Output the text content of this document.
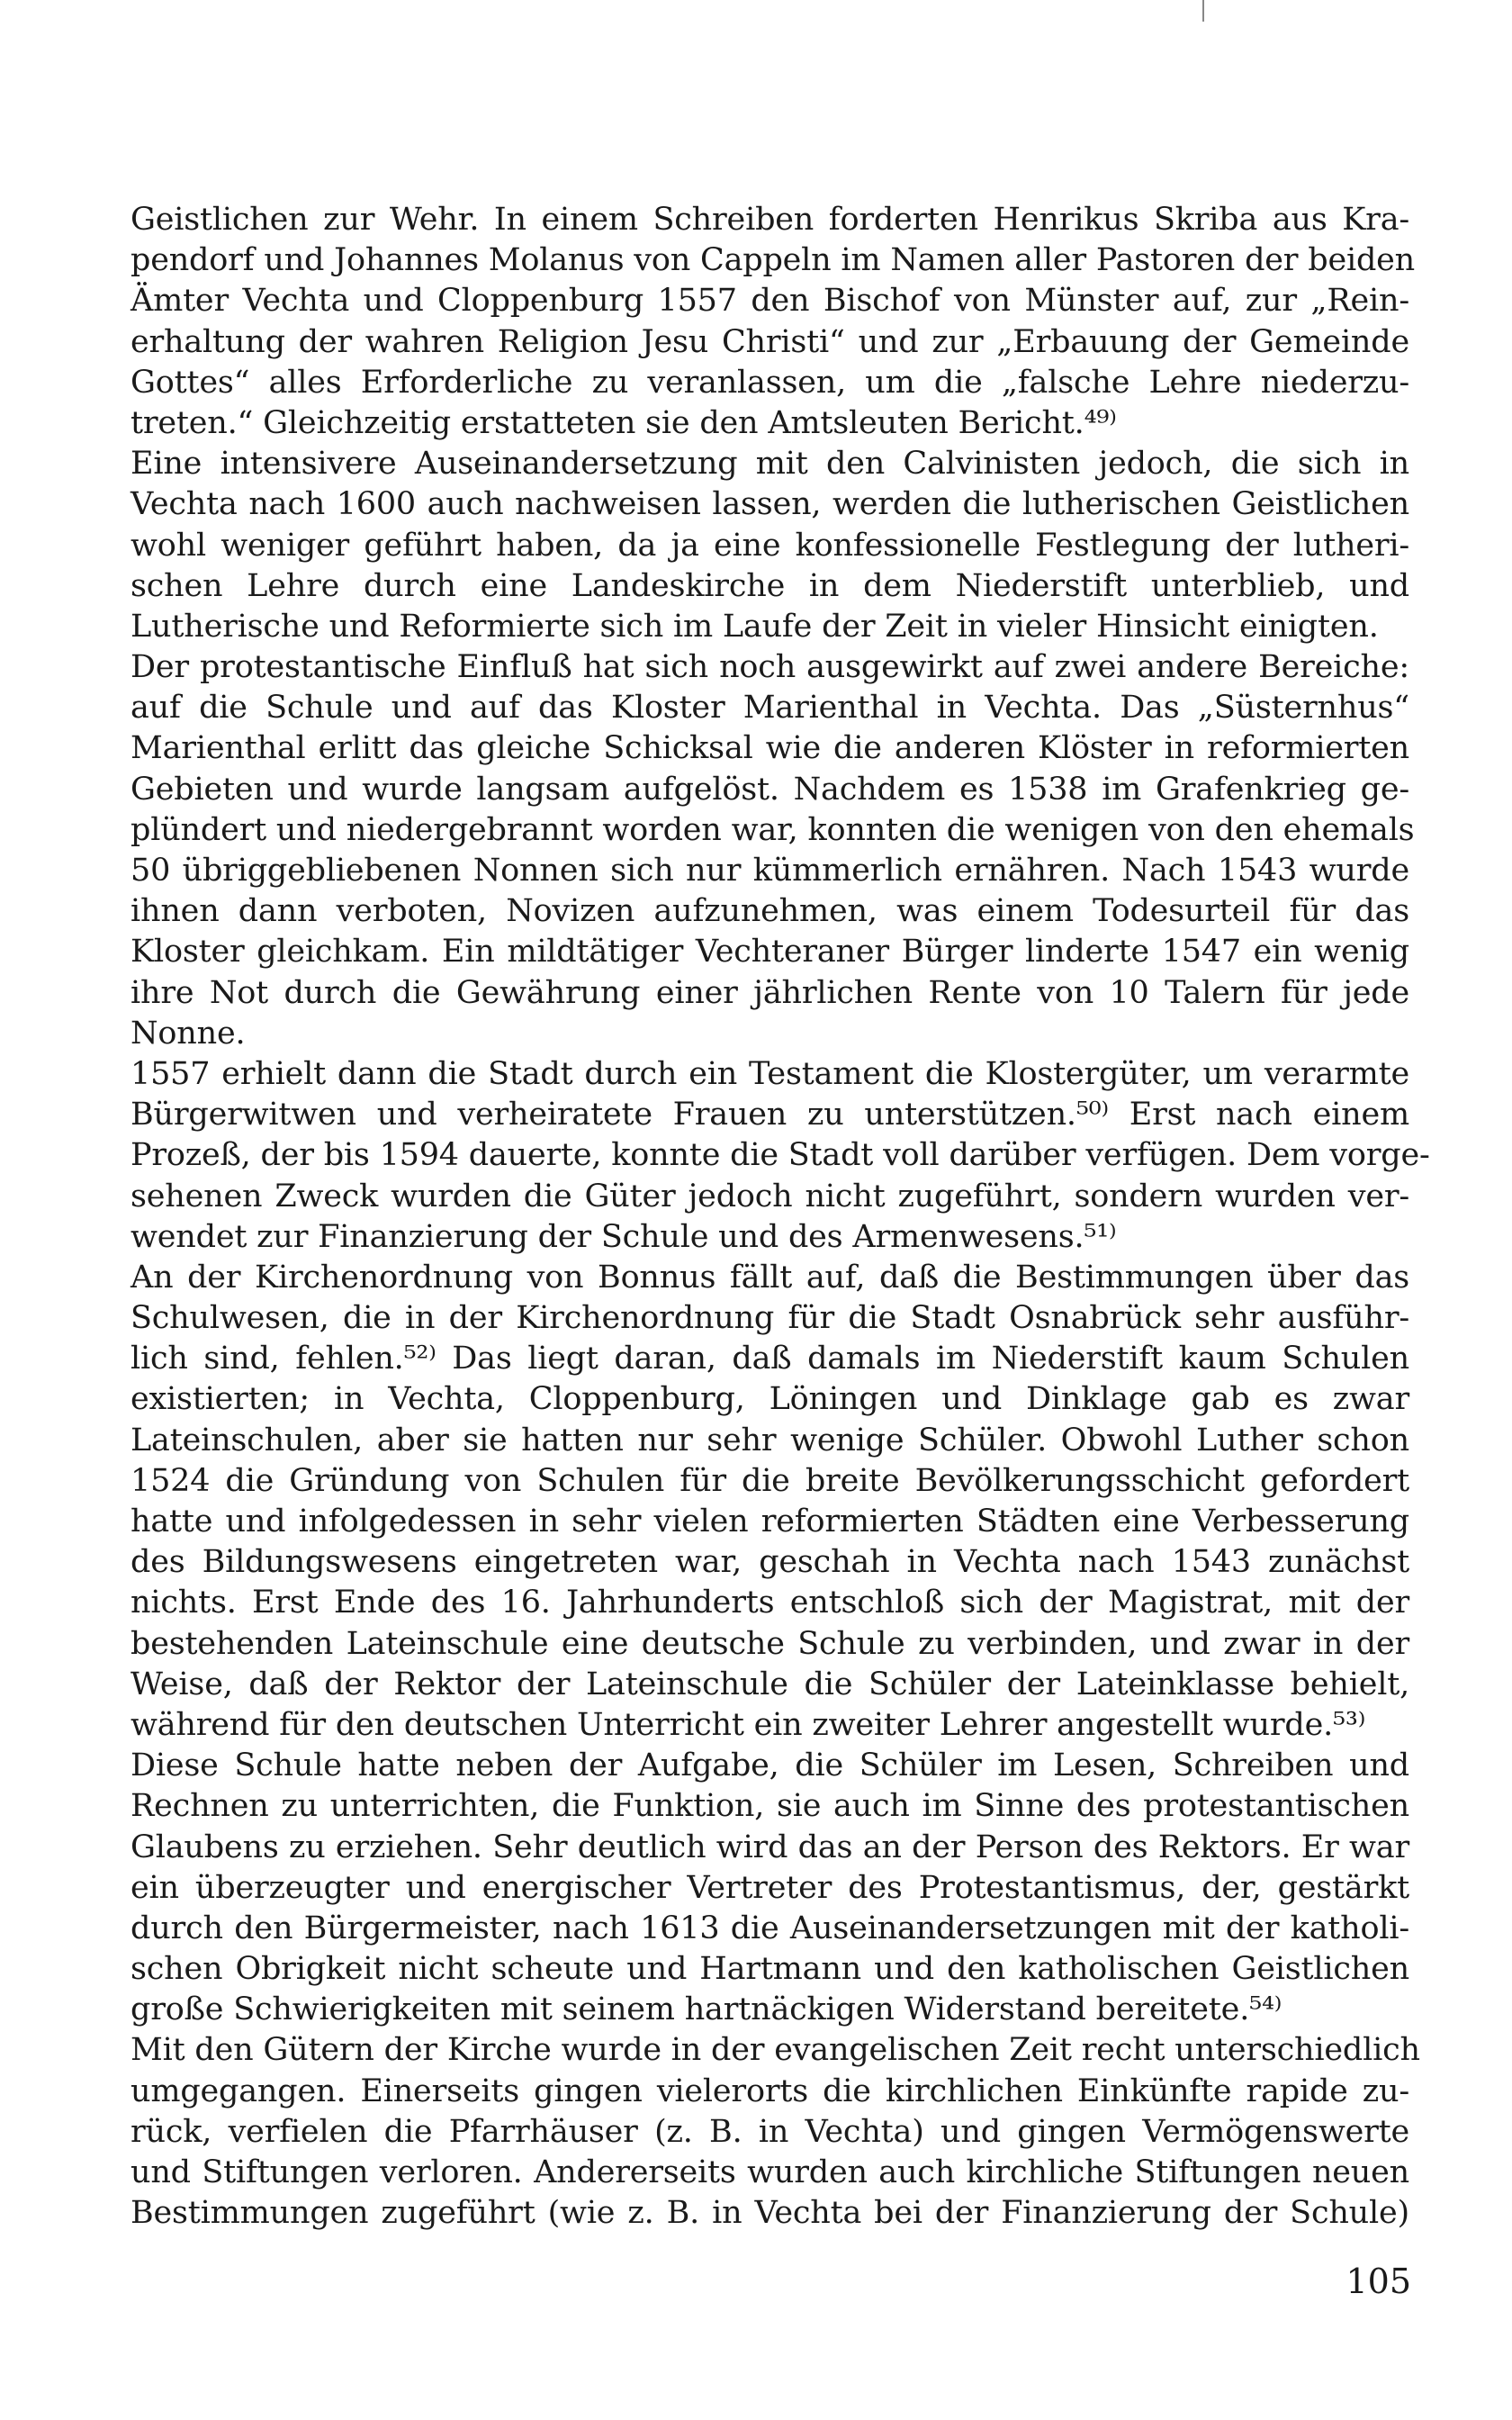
Geistlichen zur Wehr. In einem Schreiben forderten Henrikus Skriba aus Kra-
pendorf und Johannes Molanus von Cappeln im Namen aller Pastoren der beiden
Ämter Vechta und Cloppenburg 1557 den Bischof von Münster auf, zur „Rein-
erhaltung der wahren Religion Jesu Christi“ und zur „Erbauung der Gemeinde
Gottes“ alles Erforderliche zu veranlassen, um die „falsche Lehre niederzu-
treten.“ Gleichzeitig erstatteten sie den Amtsleuten Bericht.⁴⁹⁾
Eine intensivere Auseinandersetzung mit den Calvinisten jedoch, die sich in
Vechta nach 1600 auch nachweisen lassen, werden die lutherischen Geistlichen
wohl weniger geführt haben, da ja eine konfessionelle Festlegung der lutheri-
schen Lehre durch eine Landeskirche in dem Niederstift unterblieb, und
Lutherische und Reformierte sich im Laufe der Zeit in vieler Hinsicht einigten.
Der protestantische Einfluß hat sich noch ausgewirkt auf zwei andere Bereiche:
auf die Schule und auf das Kloster Marienthal in Vechta. Das „Süsternhus“
Marienthal erlitt das gleiche Schicksal wie die anderen Klöster in reformierten
Gebieten und wurde langsam aufgelöst. Nachdem es 1538 im Grafenkrieg ge-
plündert und niedergebrannt worden war, konnten die wenigen von den ehemals
50 übriggebliebenen Nonnen sich nur kümmerlich ernähren. Nach 1543 wurde
ihnen dann verboten, Novizen aufzunehmen, was einem Todesurteil für das
Kloster gleichkam. Ein mildtätiger Vechteraner Bürger linderte 1547 ein wenig
ihre Not durch die Gewährung einer jährlichen Rente von 10 Talern für jede
Nonne.
1557 erhielt dann die Stadt durch ein Testament die Klostergüter, um verarmte
Bürgerwitwen und verheiratete Frauen zu unterstützen.⁵⁰⁾ Erst nach einem
Prozeß, der bis 1594 dauerte, konnte die Stadt voll darüber verfügen. Dem vorge-
sehenen Zweck wurden die Güter jedoch nicht zugeführt, sondern wurden ver-
wendet zur Finanzierung der Schule und des Armenwesens.⁵¹⁾
An der Kirchenordnung von Bonnus fällt auf, daß die Bestimmungen über das
Schulwesen, die in der Kirchenordnung für die Stadt Osnabrück sehr ausführ-
lich sind, fehlen.⁵²⁾ Das liegt daran, daß damals im Niederstift kaum Schulen
existierten; in Vechta, Cloppenburg, Löningen und Dinklage gab es zwar
Lateinschulen, aber sie hatten nur sehr wenige Schüler. Obwohl Luther schon
1524 die Gründung von Schulen für die breite Bevölkerungsschicht gefordert
hatte und infolgedessen in sehr vielen reformierten Städten eine Verbesserung
des Bildungswesens eingetreten war, geschah in Vechta nach 1543 zunächst
nichts. Erst Ende des 16. Jahrhunderts entschloß sich der Magistrat, mit der
bestehenden Lateinschule eine deutsche Schule zu verbinden, und zwar in der
Weise, daß der Rektor der Lateinschule die Schüler der Lateinklasse behielt,
während für den deutschen Unterricht ein zweiter Lehrer angestellt wurde.⁵³⁾
Diese Schule hatte neben der Aufgabe, die Schüler im Lesen, Schreiben und
Rechnen zu unterrichten, die Funktion, sie auch im Sinne des protestantischen
Glaubens zu erziehen. Sehr deutlich wird das an der Person des Rektors. Er war
ein überzeugter und energischer Vertreter des Protestantismus, der, gestärkt
durch den Bürgermeister, nach 1613 die Auseinandersetzungen mit der katholi-
schen Obrigkeit nicht scheute und Hartmann und den katholischen Geistlichen
große Schwierigkeiten mit seinem hartnäckigen Widerstand bereitete.⁵⁴⁾
Mit den Gütern der Kirche wurde in der evangelischen Zeit recht unterschiedlich
umgegangen. Einerseits gingen vielerorts die kirchlichen Einkünfte rapide zu-
rück, verfielen die Pfarrhäuser (z. B. in Vechta) und gingen Vermögenswerte
und Stiftungen verloren. Andererseits wurden auch kirchliche Stiftungen neuen
Bestimmungen zugeführt (wie z. B. in Vechta bei der Finanzierung der Schule)
105
